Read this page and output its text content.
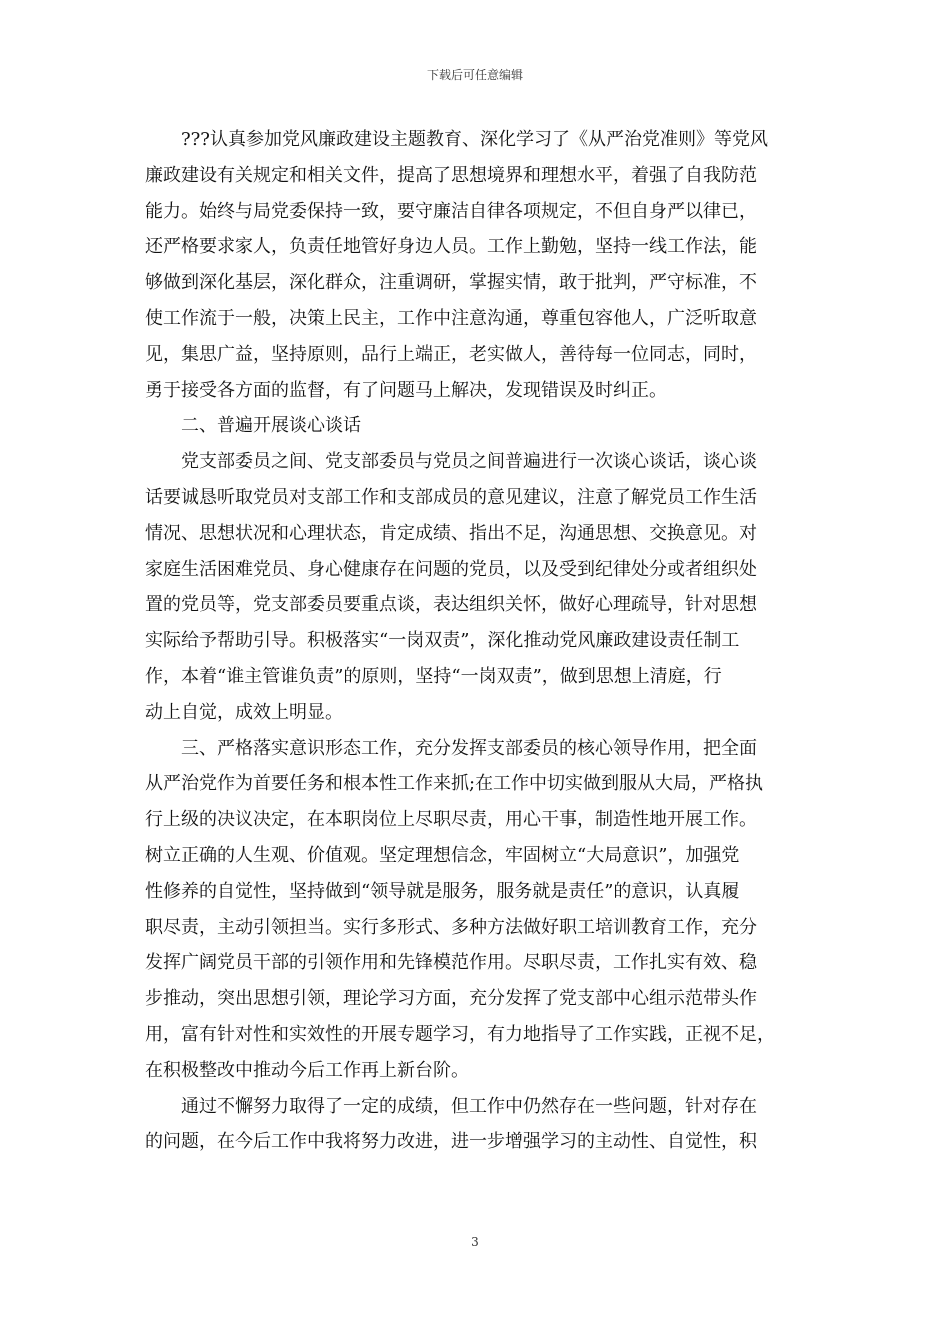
下载后可任意编辑

???认真参加党风廉政建设主题教育、深化学习了《从严治党准则》等党风
廉政建设有关规定和相关文件，提高了思想境界和理想水平，着强了自我防范
能力。始终与局党委保持一致，要守廉洁自律各项规定，不但自身严以律已，
还严格要求家人，负责任地管好身边人员。工作上勤勉，坚持一线工作法，能
够做到深化基层，深化群众，注重调研，掌握实情，敢于批判，严守标准，不
使工作流于一般，决策上民主，工作中注意沟通，尊重包容他人，广泛听取意
见，集思广益，坚持原则，品行上端正，老实做人，善待每一位同志，同时，
勇于接受各方面的监督，有了问题马上解决，发现错误及时纠正。

二、普遍开展谈心谈话

党支部委员之间、党支部委员与党员之间普遍进行一次谈心谈话，谈心谈
话要诚恳听取党员对支部工作和支部成员的意见建议，注意了解党员工作生活
情况、思想状况和心理状态，肯定成绩、指出不足，沟通思想、交换意见。对
家庭生活困难党员、身心健康存在问题的党员，以及受到纪律处分或者组织处
置的党员等，党支部委员要重点谈，表达组织关怀，做好心理疏导，针对思想
实际给予帮助引导。积极落实“一岗双责”，深化推动党风廉政建设责任制工
作，本着“谁主管谁负责”的原则，坚持“一岗双责”，做到思想上清庭，行
动上自觉，成效上明显。

三、严格落实意识形态工作，充分发挥支部委员的核心领导作用，把全面
从严治党作为首要任务和根本性工作来抓;在工作中切实做到服从大局，严格执
行上级的决议决定，在本职岗位上尽职尽责，用心干事，制造性地开展工作。
树立正确的人生观、价值观。坚定理想信念，牢固树立“大局意识”，加强党
性修养的自觉性，坚持做到“领导就是服务，服务就是责任”的意识，认真履
职尽责，主动引领担当。实行多形式、多种方法做好职工培训教育工作，充分
发挥广阔党员干部的引领作用和先锋模范作用。尽职尽责，工作扎实有效、稳
步推动，突出思想引领，理论学习方面，充分发挥了党支部中心组示范带头作
用，富有针对性和实效性的开展专题学习，有力地指导了工作实践，正视不足，
在积极整改中推动今后工作再上新台阶。

通过不懈努力取得了一定的成绩，但工作中仍然存在一些问题，针对存在
的问题，在今后工作中我将努力改进，进一步增强学习的主动性、自觉性，积

3
